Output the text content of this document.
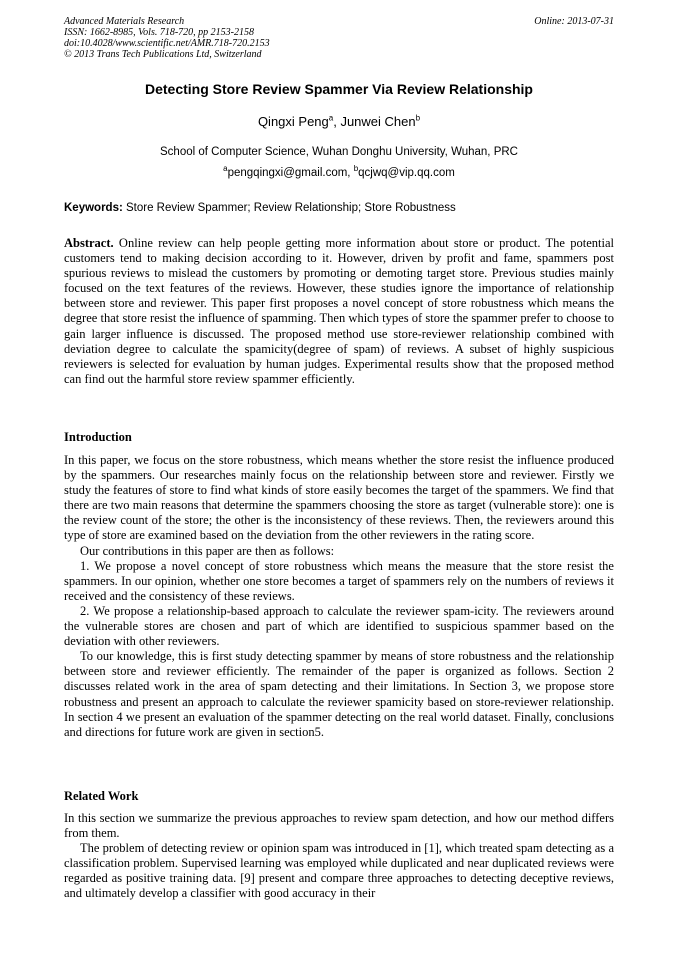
Advanced Materials Research
ISSN: 1662-8985, Vols. 718-720, pp 2153-2158
doi:10.4028/www.scientific.net/AMR.718-720.2153
© 2013 Trans Tech Publications Ltd, Switzerland
Online: 2013-07-31
Detecting Store Review Spammer Via Review Relationship
Qingxi Peng$^a$, Junwei Chen$^b$
School of Computer Science, Wuhan Donghu University, Wuhan, PRC
$^a$pengqingxi@gmail.com, $^b$qcjwq@vip.qq.com
Keywords: Store Review Spammer; Review Relationship; Store Robustness

Abstract. Online review can help people getting more information about store or product. The potential customers tend to making decision according to it. However, driven by profit and fame, spammers post spurious reviews to mislead the customers by promoting or demoting target store. Previous studies mainly focused on the text features of the reviews. However, these studies ignore the importance of relationship between store and reviewer. This paper first proposes a novel concept of store robustness which means the degree that store resist the influence of spamming. Then which types of store the spammer prefer to choose to gain larger influence is discussed. The proposed method use store-reviewer relationship combined with deviation degree to calculate the spamicity(degree of spam) of reviews. A subset of highly suspicious reviewers is selected for evaluation by human judges. Experimental results show that the proposed method can find out the harmful store review spammer efficiently.

Introduction

In this paper, we focus on the store robustness, which means whether the store resist the influence produced by the spammers. Our researches mainly focus on the relationship between store and reviewer. Firstly we study the features of store to find what kinds of store easily becomes the target of the spammers. We find that there are two main reasons that determine the spammers choosing the store as target (vulnerable store): one is the review count of the store; the other is the inconsistency of these reviews. Then, the reviewers around this type of store are examined based on the deviation from the other reviewers in the rating score.

Our contributions in this paper are then as follows:

1. We propose a novel concept of store robustness which means the measure that the store resist the spammers. In our opinion, whether one store becomes a target of spammers rely on the numbers of reviews it received and the consistency of these reviews.

2. We propose a relationship-based approach to calculate the reviewer spam-icity. The reviewers around the vulnerable stores are chosen and part of which are identified to suspicious spammer based on the deviation with other reviewers.

To our knowledge, this is first study detecting spammer by means of store robustness and the relationship between store and reviewer efficiently. The remainder of the paper is organized as follows. Section 2 discusses related work in the area of spam detecting and their limitations. In Section 3, we propose store robustness and present an approach to calculate the reviewer spamicity based on store-reviewer relationship. In section 4 we present an evaluation of the spammer detecting on the real world dataset. Finally, conclusions and directions for future work are given in section5.

Related Work

In this section we summarize the previous approaches to review spam detection, and how our method differs from them.

The problem of detecting review or opinion spam was introduced in [1], which treated spam detecting as a classification problem. Supervised learning was employed while duplicated and near duplicated reviews were regarded as positive training data. [9] present and compare three approaches to detecting deceptive reviews, and ultimately develop a classifier with good accuracy in their
